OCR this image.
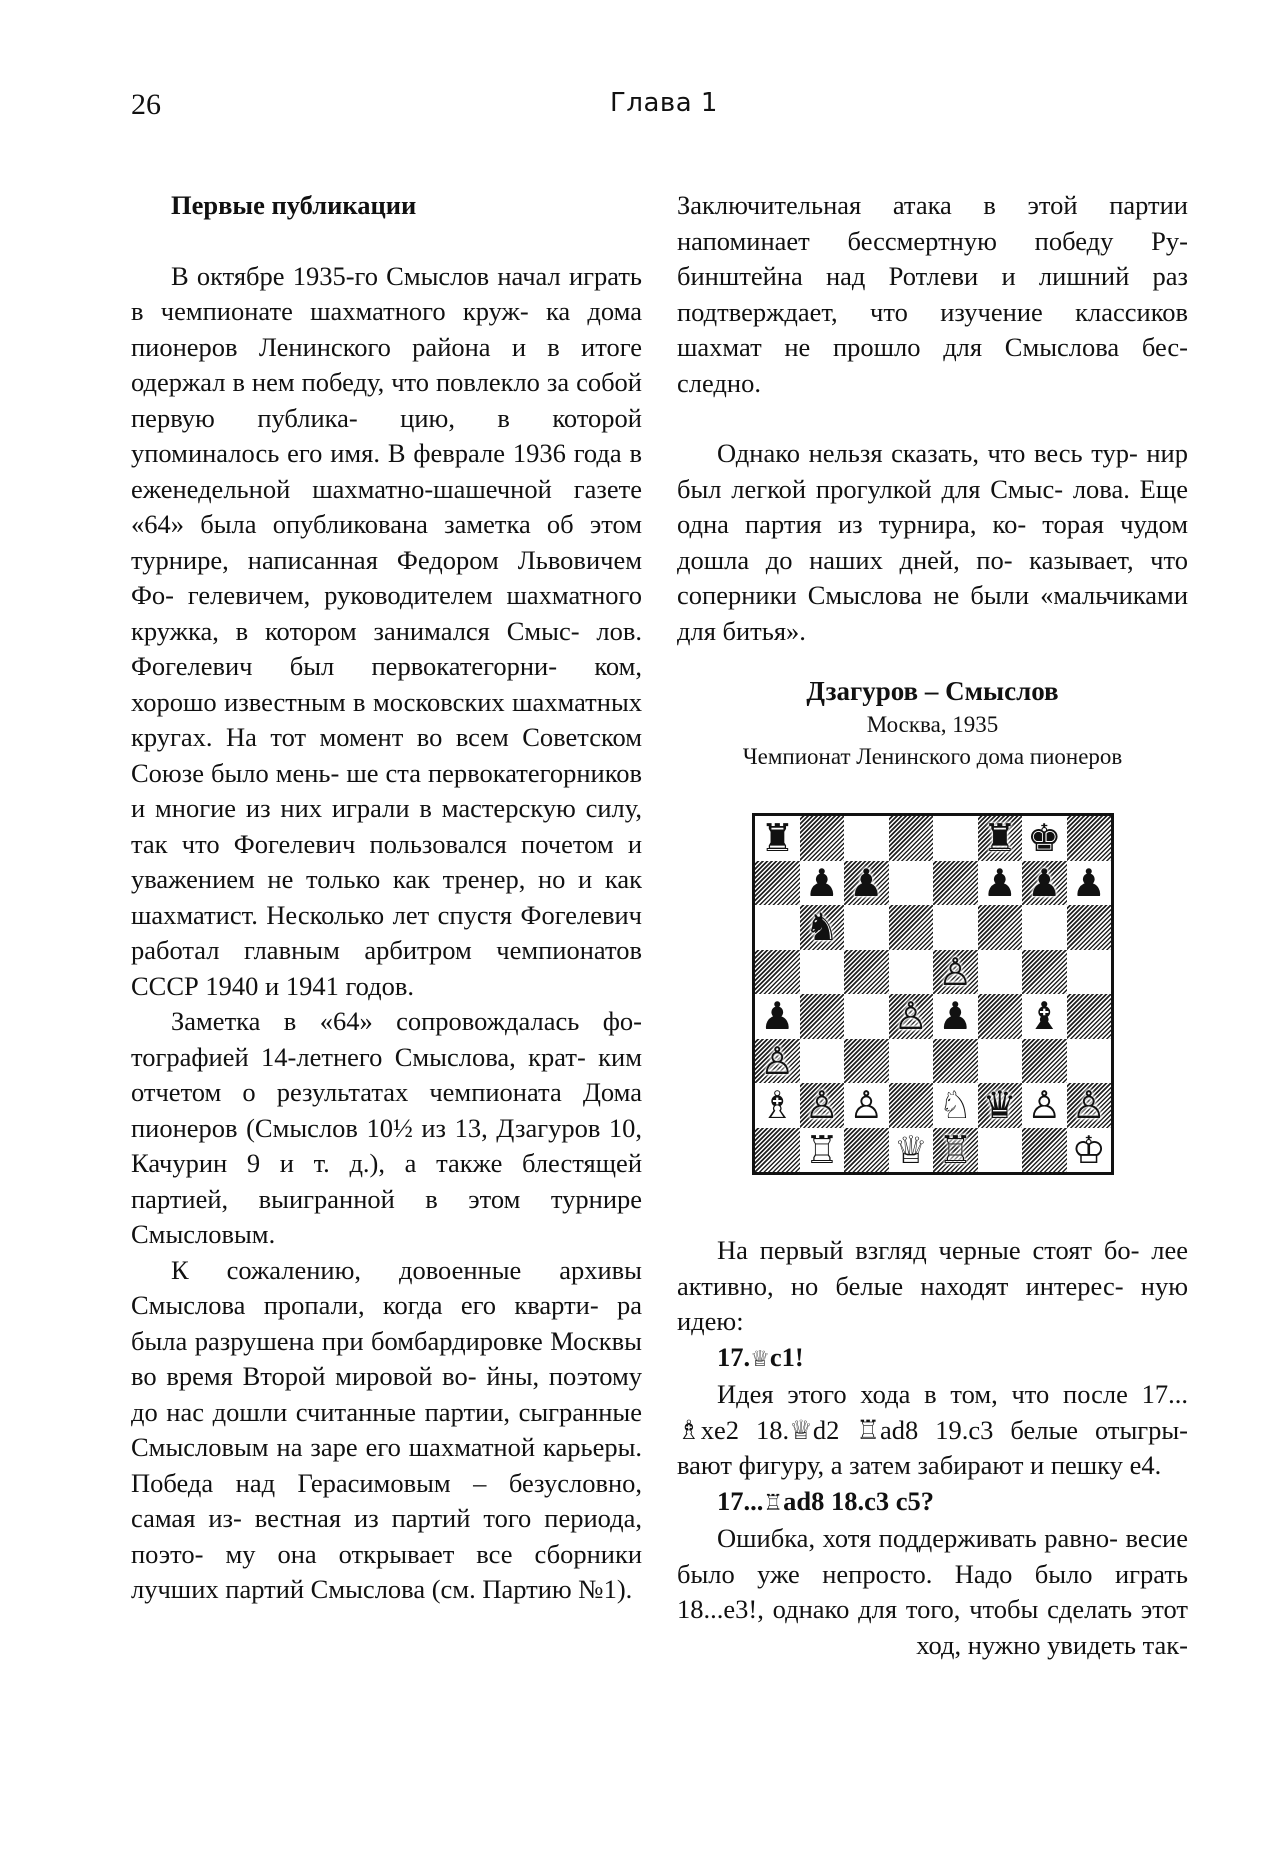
26	Глава 1
Первые публикации
В октябре 1935-го Смыслов начал играть в чемпионате шахматного круж- ка дома пионеров Ленинского района и в итоге одержал в нем победу, что повлекло за собой первую публика- цию, в которой упоминалось его имя. В феврале 1936 года в еженедельной шахматно-шашечной газете «64» была опубликована заметка об этом турнире, написанная Федором Львовичем Фо- гелевичем, руководителем шахматного кружка, в котором занимался Смыс- лов. Фогелевич был первокатегорни- ком, хорошо известным в московских шахматных кругах. На тот момент во всем Советском Союзе было мень- ше ста первокатегорников и многие из них играли в мастерскую силу, так что Фогелевич пользовался почетом и уважением не только как тренер, но и как шахматист. Несколько лет спустя Фогелевич работал главным арбитром чемпионатов СССР 1940 и 1941 годов.
Заметка в «64» сопровождалась фо- тографией 14-летнего Смыслова, крат- ким отчетом о результатах чемпионата Дома пионеров (Смыслов 10½ из 13, Дзагуров 10, Качурин 9 и т. д.), а также блестящей партией, выигранной в этом турнире Смысловым.
К сожалению, довоенные архивы Смыслова пропали, когда его кварти- ра была разрушена при бомбардировке Москвы во время Второй мировой во- йны, поэтому до нас дошли считанные партии, сыгранные Смысловым на заре его шахматной карьеры. Победа над Герасимовым – безусловно, самая из- вестная из партий того периода, поэто- му она открывает все сборники лучших партий Смыслова (см. Партию №1).
Заключительная атака в этой партии напоминает бессмертную победу Ру- бинштейна над Ротлеви и лишний раз подтверждает, что изучение классиков шахмат не прошло для Смыслова бес- следно.
Однако нельзя сказать, что весь тур- нир был легкой прогулкой для Смыс- лова. Еще одна партия из турнира, ко- торая чудом дошла до наших дней, по- казывает, что соперники Смыслова не были «мальчиками для битья».
Дзагуров – Смыслов
Москва, 1935
Чемпионат Ленинского дома пионеров
♜	♜ ♚
♟ ♟	♟ ♟ ♟
♞
♙
♟	♙ ♟ ♝
♙
♗ ♙ ♙ ♘ ♛ ♙ ♙
♖ ♕ ♖	♔
На первый взгляд черные стоят бо- лее активно, но белые находят интерес- ную идею:
17.♕c1!
Идея этого хода в том, что после 17... ♗xe2 18.♕d2 ♖ad8 19.c3 белые отыгры- вают фигуру, а затем забирают и пешку e4.
17...♖ad8 18.c3 c5?
Ошибка, хотя поддерживать равно- весие было уже непросто. Надо было играть 18...e3!, однако для того, чтобы сделать этот ход, нужно увидеть так-
